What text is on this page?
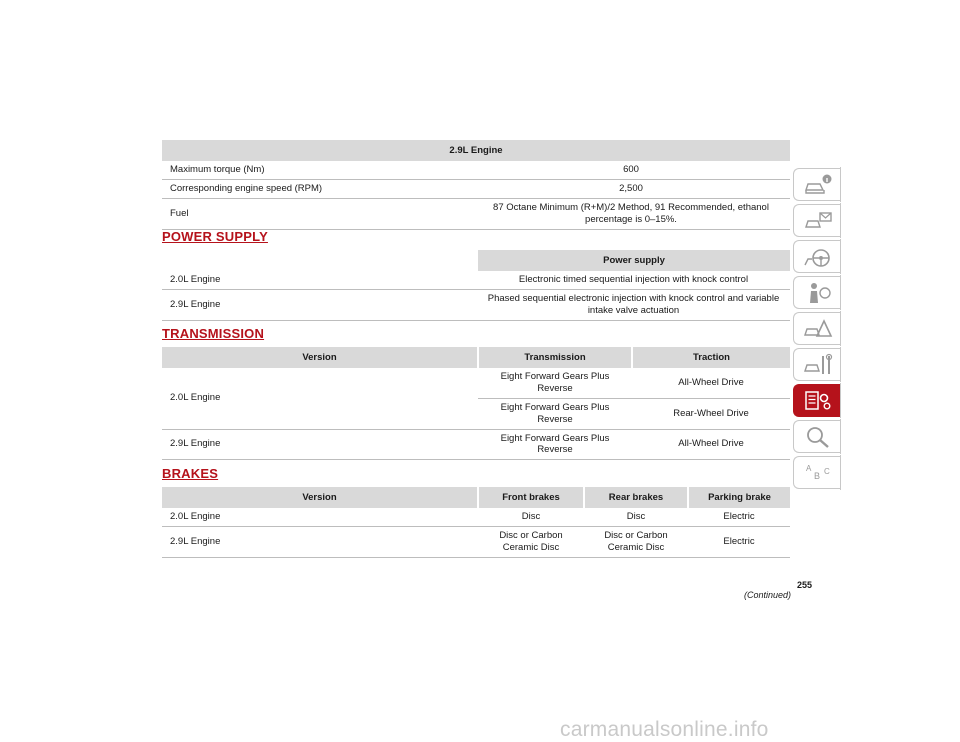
2.9L Engine	
Maximum torque (Nm)	600
Corresponding engine speed (RPM)	2,500
Fuel	87 Octane Minimum (R+M)/2 Method, 91 Recommended, ethanol percentage is 0–15%.
POWER SUPPLY
	Power supply
2.0L Engine	Electronic timed sequential injection with knock control
2.9L Engine	Phased sequential electronic injection with knock control and variable intake valve actuation
TRANSMISSION
Version	Transmission	Traction
2.0L Engine	Eight Forward Gears Plus Reverse	All-Wheel Drive
	Eight Forward Gears Plus Reverse	Rear-Wheel Drive
2.9L Engine	Eight Forward Gears Plus Reverse	All-Wheel Drive
BRAKES
Version	Front brakes	Rear brakes	Parking brake
2.0L Engine	Disc	Disc	Electric
2.9L Engine	Disc or Carbon Ceramic Disc	Disc or Carbon Ceramic Disc	Electric
255
(Continued)
A
B C
carmanualsonline.info
